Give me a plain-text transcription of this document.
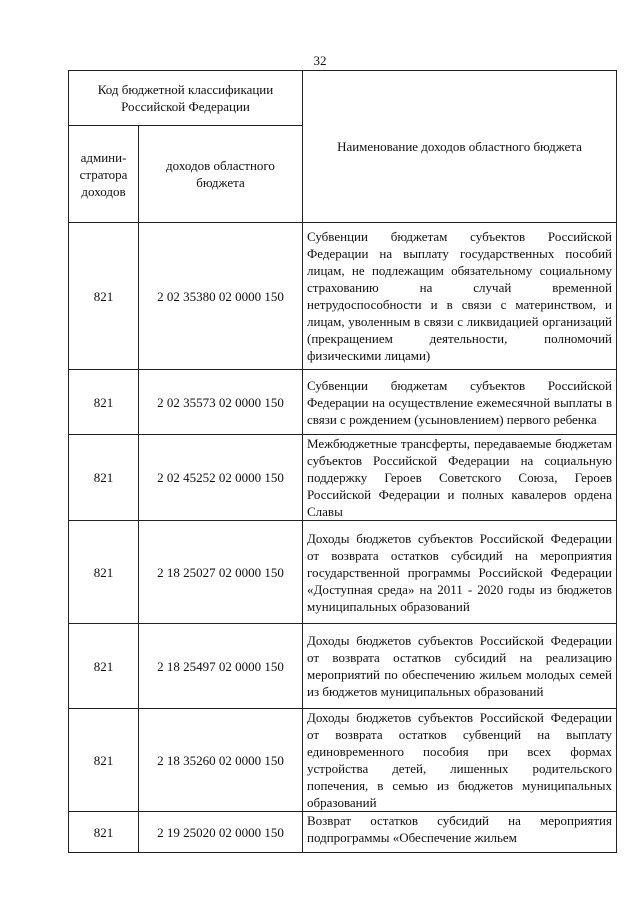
32
Код бюджетной классификации Российской Федерации		Наименование доходов областного бюджета
админи-стратора доходов	доходов областного бюджета	
821	2 02 35380 02 0000 150	Субвенции бюджетам субъектов Российской Федерации на выплату государственных пособий лицам, не подлежащим обязательному социальному страхованию на случай временной нетрудоспособности и в связи с материнством, и лицам, уволенным в связи с ликвидацией организаций (прекращением деятельности, полномочий физическими лицами)
821	2 02 35573 02 0000 150	Субвенции бюджетам субъектов Российской Федерации на осуществление ежемесячной выплаты в связи с рождением (усыновлением) первого ребенка
821	2 02 45252 02 0000 150	Межбюджетные трансферты, передаваемые бюджетам субъектов Российской Федерации на социальную поддержку Героев Советского Союза, Героев Российской Федерации и полных кавалеров ордена Славы
821	2 18 25027 02 0000 150	Доходы бюджетов субъектов Российской Федерации от возврата остатков субсидий на мероприятия государственной программы Российской Федерации «Доступная среда» на 2011 - 2020 годы из бюджетов муниципальных образований
821	2 18 25497 02 0000 150	Доходы бюджетов субъектов Российской Федерации от возврата остатков субсидий на реализацию мероприятий по обеспечению жильем молодых семей из бюджетов муниципальных образований
821	2 18 35260 02 0000 150	Доходы бюджетов субъектов Российской Федерации от возврата остатков субвенций на выплату единовременного пособия при всех формах устройства детей, лишенных родительского попечения, в семью из бюджетов муниципальных образований
821	2 19 25020 02 0000 150	Возврат остатков субсидий на мероприятия подпрограммы «Обеспечение жильем
